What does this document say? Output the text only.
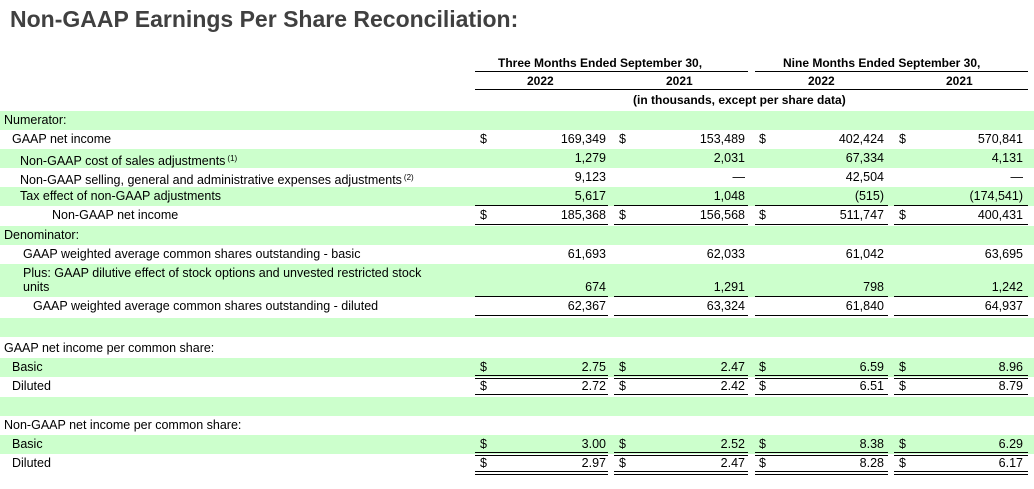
Non-GAAP Earnings Per Share Reconciliation:
Three Months Ended September 30,	Nine Months Ended September 30,
2022	2021	2022	2021
(in thousands, except per share data)
Numerator:
GAAP net income	$	169,349 $	153,489 $	402,424 $	570,841
Non-GAAP cost of sales adjustments $^{(1)}$	1,279	2,031	67,334	4,131
Non-GAAP selling, general and administrative expenses adjustments $^{(2)}$	9,123	—	42,504	—
Tax effect of non-GAAP adjustments	5,617	1,048	(515)	(174,541)
Non-GAAP net income	$	185,368 $	156,568 $	511,747 $	400,431
Denominator:
GAAP weighted average common shares outstanding - basic	61,693	62,033	61,042	63,695
Plus: GAAP dilutive effect of stock options and unvested restricted stock
units	674	1,291	798	1,242
GAAP weighted average common shares outstanding - diluted	62,367	63,324	61,840	64,937
GAAP net income per common share:
Basic	$	2.75 $	2.47 $	6.59 $	8.96
Diluted	$	2.72 $	2.42 $	6.51 $	8.79
Non-GAAP net income per common share:
Basic	$	3.00 $	2.52 $	8.38 $	6.29
Diluted	$	2.97 $	2.47 $	8.28 $	6.17
